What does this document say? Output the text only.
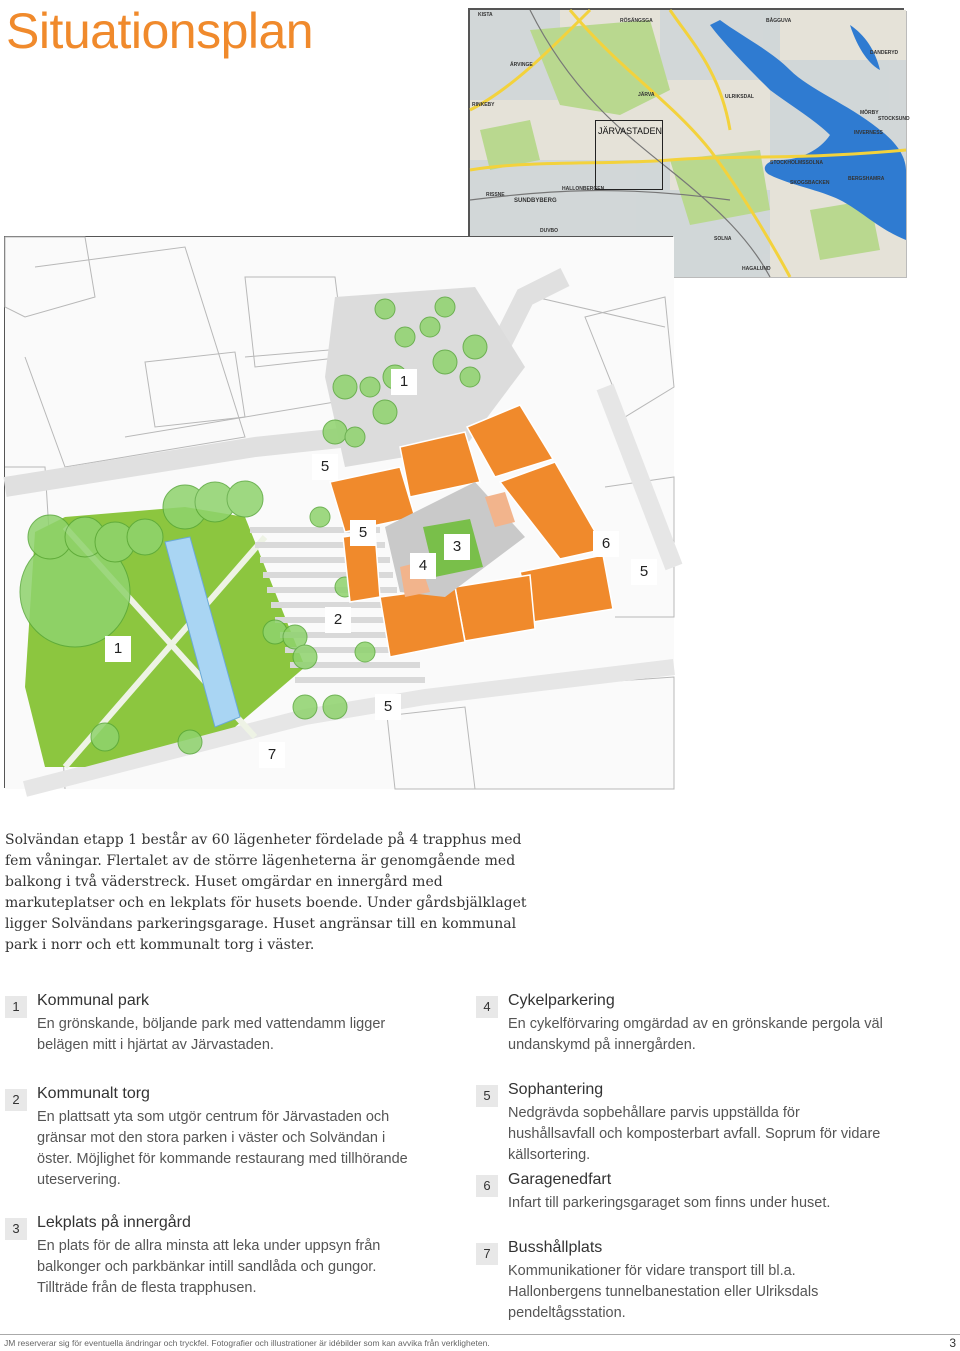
Situationsplan	KISTA
RINKEBY
ÄRVINGE
JÄRVA	ULRIKSDAL
SUNDBYBERG
HALLONBERGEN
RISSNE
DUVBO
SOLNA
STOCKHOLMSSOLNA
BERGSHAMRA
MÖRBY
DANDERYD
SKOGSBACKEN
INVERNESS
STOCKSUND
BÅGGUVA
HAGALUND
RÖSÄNGSGA
JÄRVASTADEN
1
5
5
4
3	6
5
2
1
5
7

Solvändan etapp 1 består av 60 lägenheter fördelade på 4 trapphus med fem våningar. Flertalet av de större lägenheterna är genomgående med balkong i två väderstreck. Huset omgärdar en innergård med markuteplatser och en lekplats för husets boende. Under gårdsbjälklaget ligger Solvändans parkeringsgarage. Huset angränsar till en kommunal park i norr och ett kommunalt torg i väster.

1	Kommunal park
En grönskande, böljande park med vattendamm ligger belägen mitt i hjärtat av Järvastaden.
2	Kommunalt torg
En plattsatt yta som utgör centrum för Järvastaden och gränsar mot den stora parken i väster och Solvändan i öster. Möjlighet för kommande restaurang med tillhörande uteservering.
3	Lekplats på innergård
En plats för de allra minsta att leka under uppsyn från balkonger och parkbänkar intill sandlåda och gungor. Tillträde från de flesta trapphusen.
4	Cykelparkering
En cykelförvaring omgärdad av en grönskande pergola väl undanskymd på innergården.
5	Sophantering
Nedgrävda sopbehållare parvis uppställda för hushållsavfall och komposterbart avfall. Soprum för vidare källsortering.
6	Garagenedfart
Infart till parkeringsgaraget som finns under huset.
7	Busshållplats
Kommunikationer för vidare transport till bl.a. Hallonbergens tunnelbanestation eller Ulriksdals pendeltågsstation.
JM reserverar sig för eventuella ändringar och tryckfel. Fotografier och illustrationer är idébilder som kan avvika från verkligheten.	3
